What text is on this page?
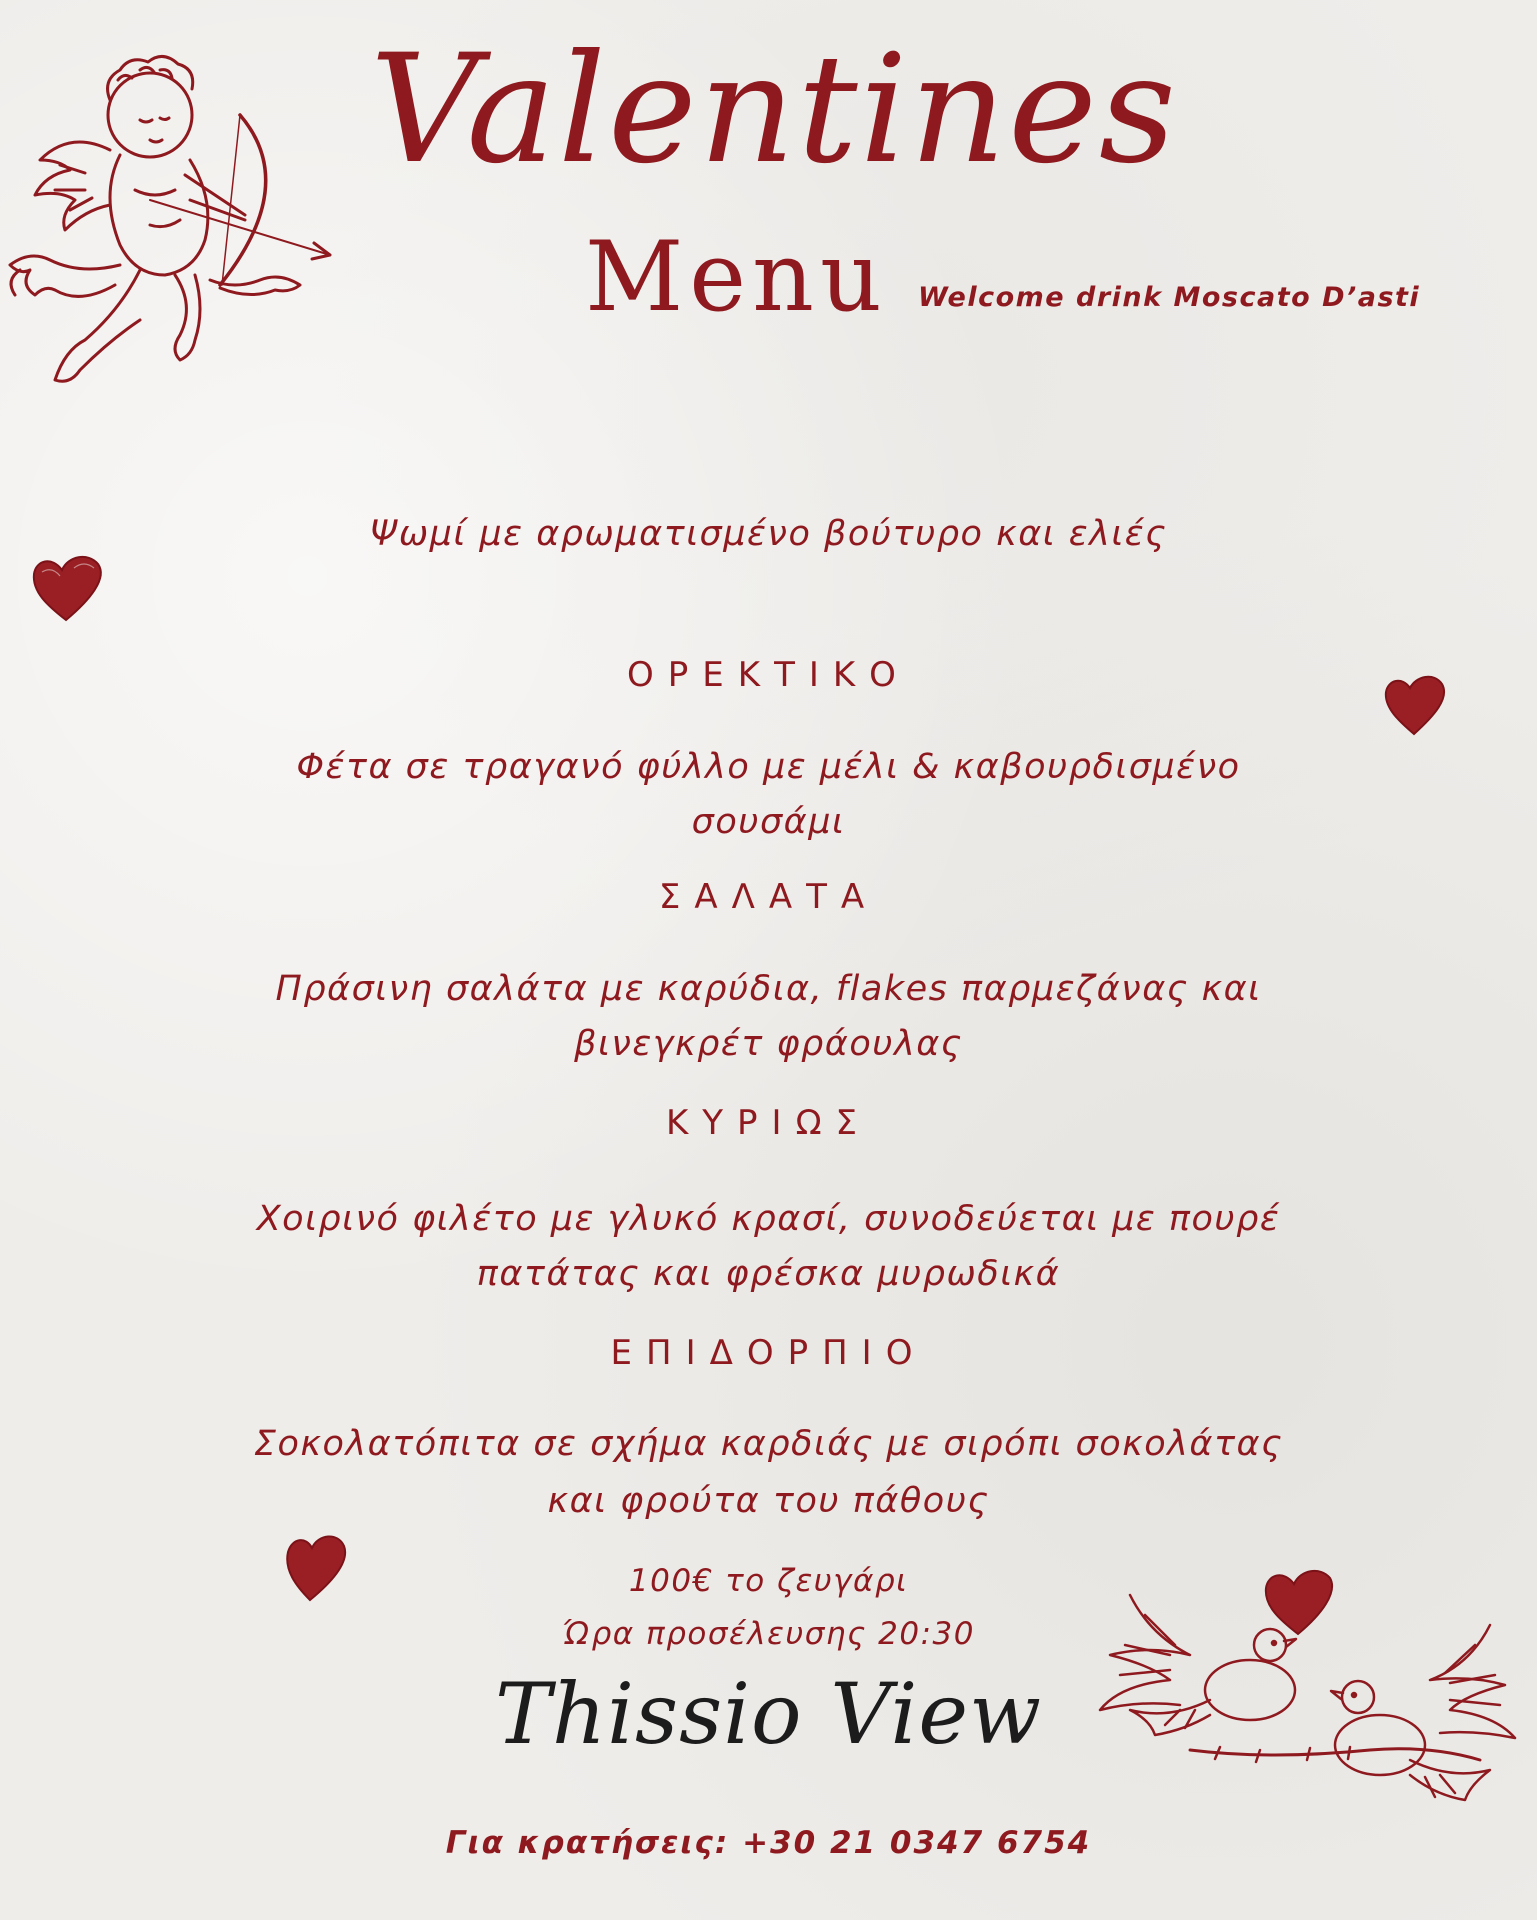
Valentines
Menu Welcome drink Moscato D’asti
Ψωμί με αρωματισμένο βούτυρο και ελιές
ΟΡΕΚΤΙΚΟ
Φέτα σε τραγανό φύλλο με μέλι & καβουρδισμένο
σουσάμι
ΣΑΛΑΤΑ
Πράσινη σαλάτα με καρύδια, flakes παρμεζάνας και
βινεγκρέτ φράουλας
ΚΥΡΙΩΣ
Χοιρινό φιλέτο με γλυκό κρασί, συνοδεύεται με πουρέ
πατάτας και φρέσκα μυρωδικά
ΕΠΙΔΟΡΠΙΟ
Σοκολατόπιτα σε σχήμα καρδιάς με σιρόπι σοκολάτας
και φρούτα του πάθους
100€ το ζευγάρι
Ώρα προσέλευσης 20:30
Thissio View
Για κρατήσεις: +30 21 0347 6754
